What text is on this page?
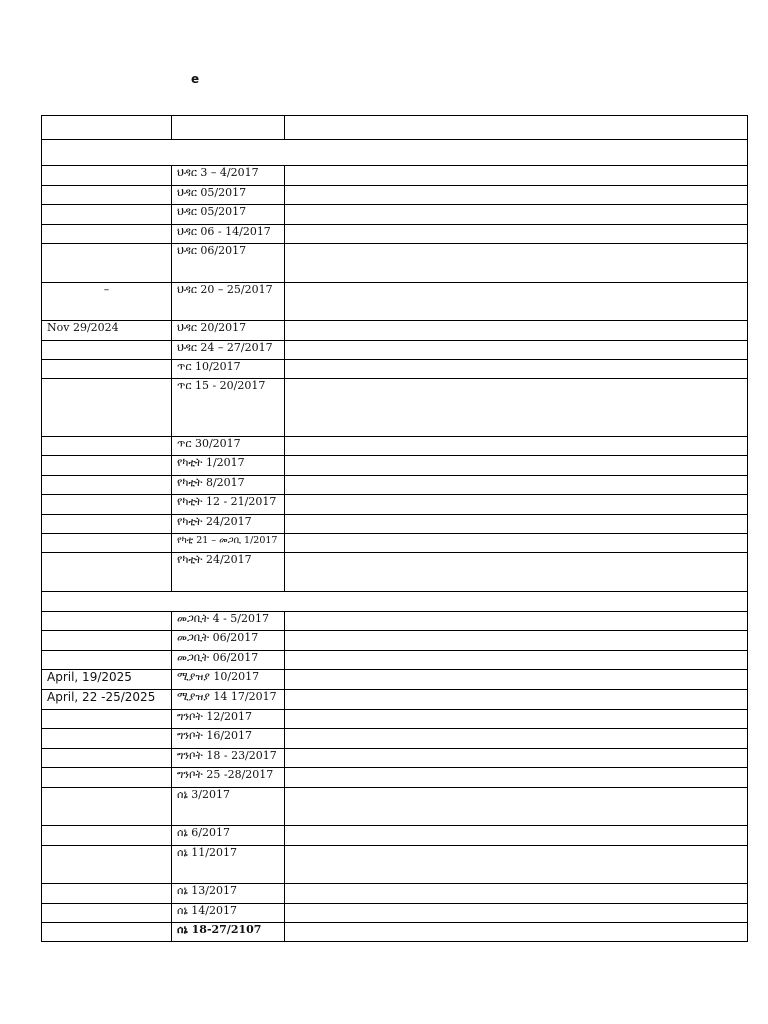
e

	ህዳር 3 – 4/2017	
	ህዳር 05/2017	
	ህዳር 05/2017	
	ህዳር 06 - 14/2017	
	ህዳር 06/2017	
–	ህዳር 20 – 25/2017	
Nov 29/2024	ህዳር 20/2017	
	ህዳር 24 – 27/2017	
	ጥር 10/2017	
	ጥር 15 - 20/2017	
	ጥር 30/2017	
	የካቲት 1/2017	
	የካቲት 8/2017	
	የካቲት 12 - 21/2017	
	የካቲት 24/2017	
	የካቲ 21 – መጋቢ 1/2017	
	የካቲት 24/2017	

	መጋቢት 4 - 5/2017	
	መጋቢት 06/2017	
	መጋቢት 06/2017	
April, 19/2025	ሚያዝያ 10/2017	
April, 22 -25/2025	ሚያዝያ 14 17/2017	
	ግንቦት 12/2017	
	ግንቦት 16/2017	
	ግንቦት 18 - 23/2017	
	ግንቦት 25 -28/2017	
	ሰኔ 3/2017	
	ሰኔ 6/2017	
	ሰኔ 11/2017	
	ሰኔ 13/2017	
	ሰኔ 14/2017	
	ሰኔ 18-27/2107	
